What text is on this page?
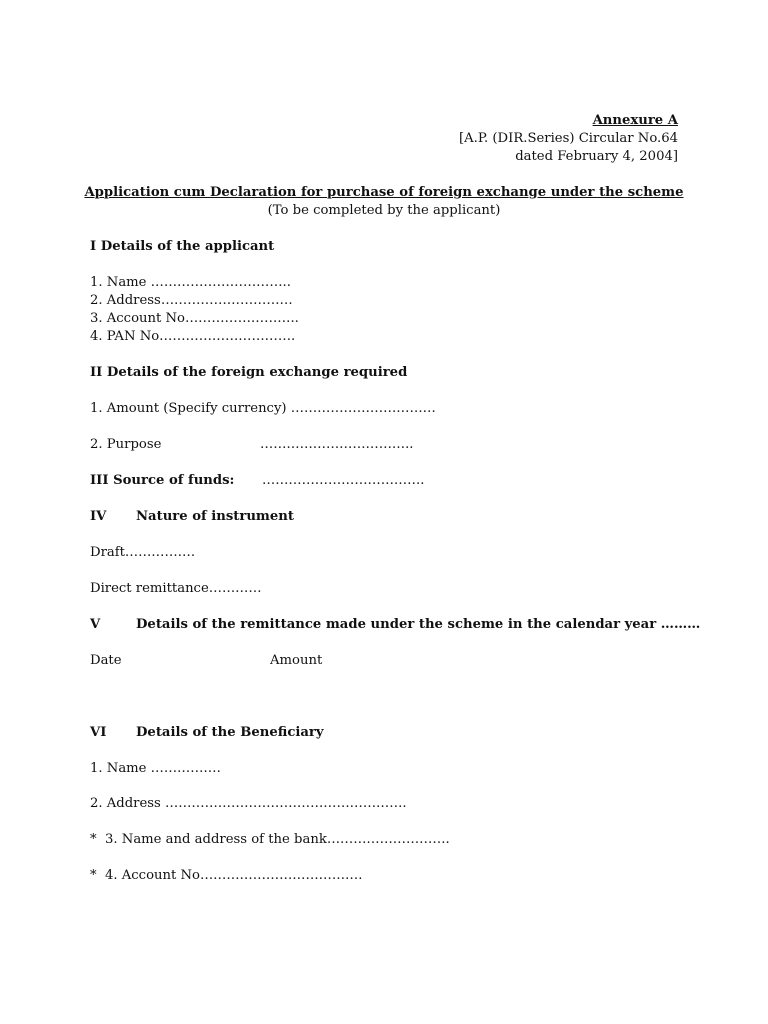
Annexure A
[A.P. (DIR.Series) Circular No.64
dated February 4, 2004]
Application cum Declaration for purchase of foreign exchange under the scheme
(To be completed by the applicant)
I Details of the applicant
1. Name …………………………..
2. Address…………………………
3. Account No……………………..
4. PAN No………………………….
II Details of the foreign exchange required
1. Amount (Specify currency) ……………………………
2. Purpose	……………………………..
III Source of funds: ……………………………….
IV Nature of instrument
Draft…………….
Direct remittance…………
V	Details of the remittance made under the scheme in the calendar year ………
Date	Amount
VI Details of the Beneficiary
1. Name …………….
2. Address ……………………………………………….
* 3. Name and address of the bank……………………….
* 4. Account No……………………………….
